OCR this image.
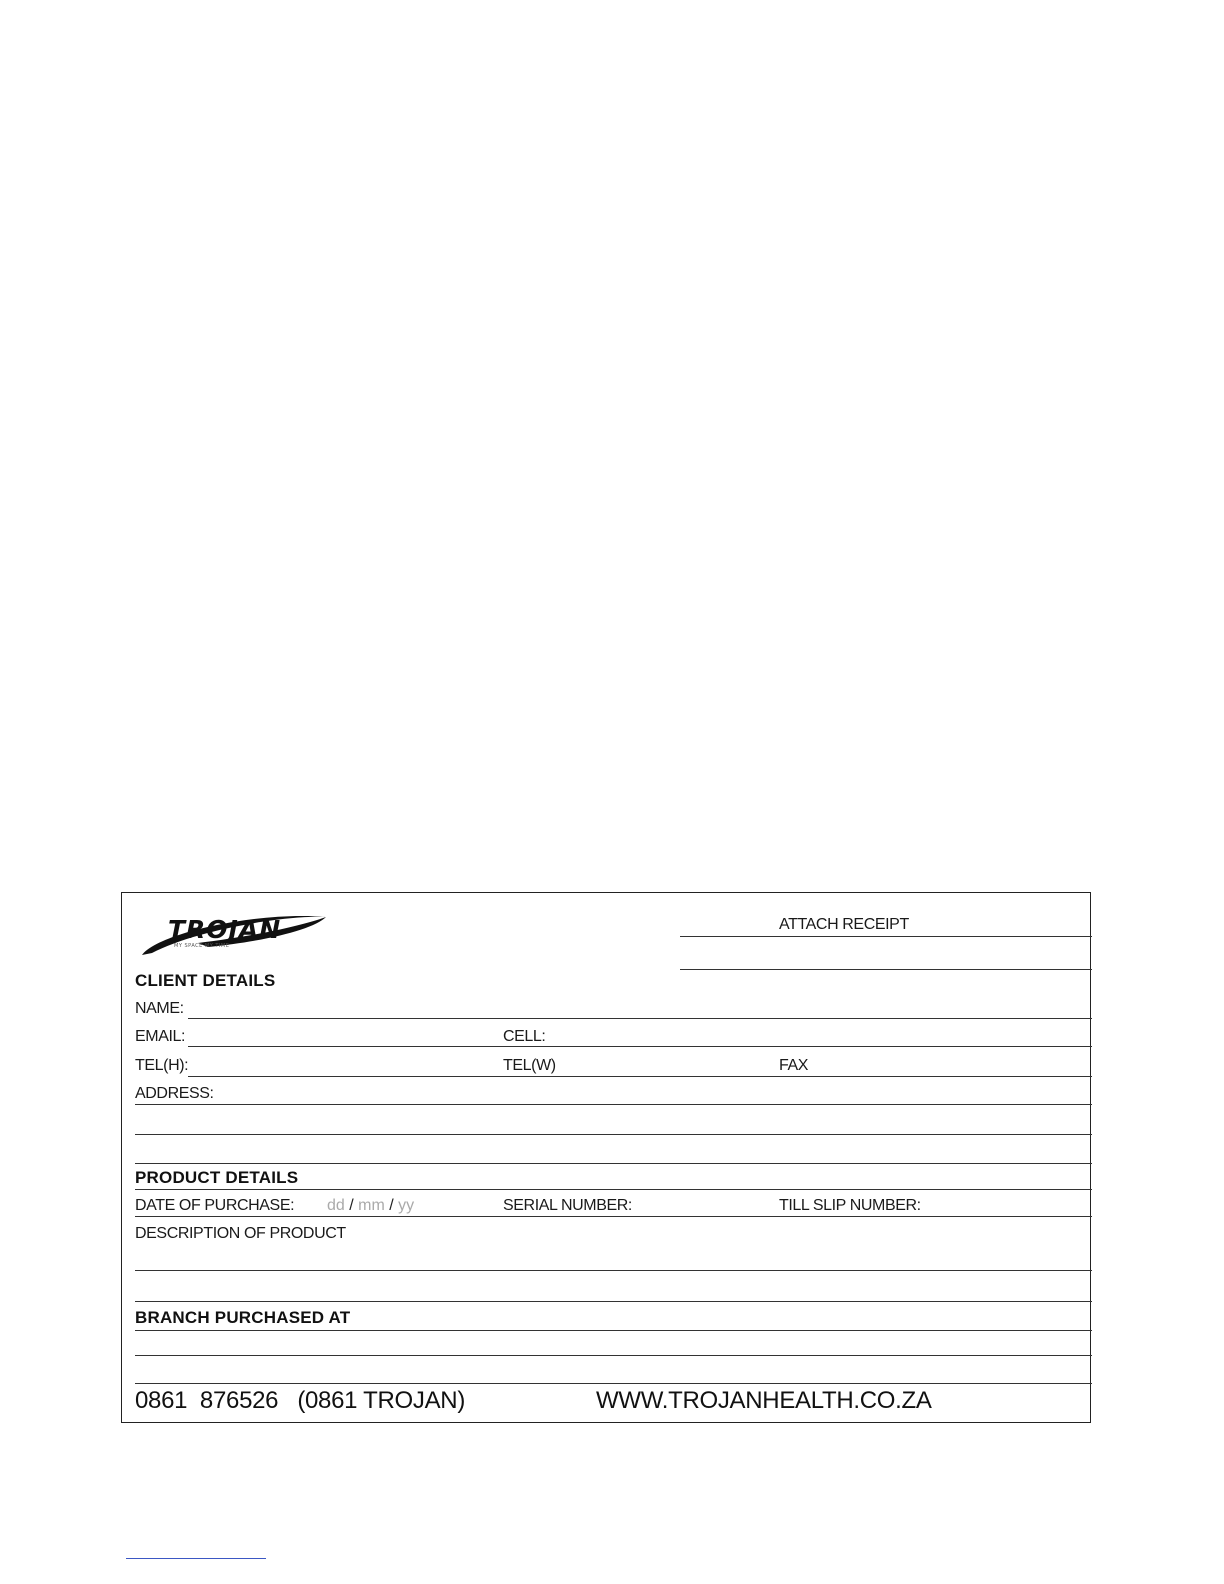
TROJAN
MY SPACE MY TIME
ATTACH RECEIPT
CLIENT DETAILS
NAME:
EMAIL:	CELL:
TEL(H):	TEL(W)	FAX
ADDRESS:
PRODUCT DETAILS
DATE OF PURCHASE: dd / mm / yy	SERIAL NUMBER:	TILL SLIP NUMBER:
DESCRIPTION OF PRODUCT
BRANCH PURCHASED AT
0861  876526   (0861 TROJAN)	WWW.TROJANHEALTH.CO.ZA
